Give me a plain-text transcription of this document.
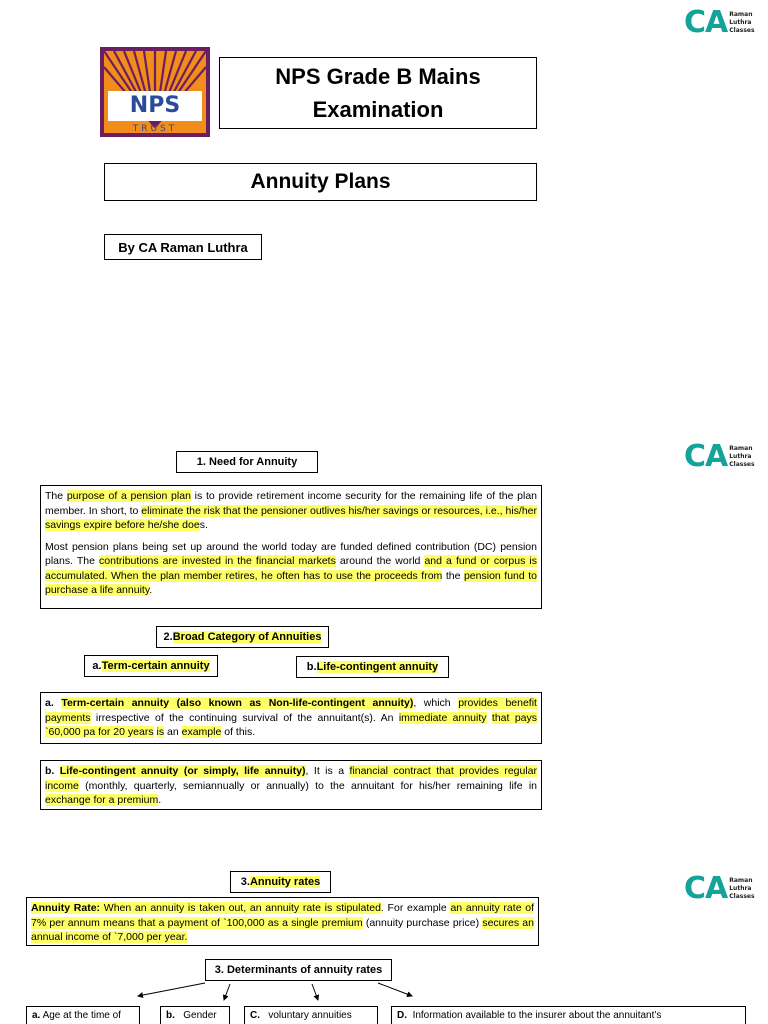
CA Raman
Luthra
Classes
NPS
TRUST
NPS Grade B Mains
Examination
Annuity Plans
By CA Raman Luthra
CA Raman
Luthra
Classes
1. Need for Annuity

The purpose of a pension plan is to provide retirement income security for the remaining life of the plan member. In short, to eliminate the risk that the pensioner outlives his/her savings or resources, i.e., his/her savings expire before he/she does.

Most pension plans being set up around the world today are funded defined contribution (DC) pension plans. The contributions are invested in the financial markets around the world and a fund or corpus is accumulated. When the plan member retires, he often has to use the proceeds from the pension fund to purchase a life annuity.

2. Broad Category of Annuities
a. Term-certain annuity	b. Life-contingent annuity
a. Term-certain annuity (also known as Non-life-contingent annuity), which provides benefit payments irrespective of the continuing survival of the annuitant(s). An immediate annuity that pays `60,000 pa for 20 years is an example of this.
b. Life-contingent annuity (or simply, life annuity), It is a financial contract that provides regular income (monthly, quarterly, semiannually or annually) to the annuitant for his/her remaining life in exchange for a premium.
CA Raman
Luthra
Classes
3. Annuity rates
Annuity Rate: When an annuity is taken out, an annuity rate is stipulated. For example an annuity rate of 7% per annum means that a payment of `100,000 as a single premium (annuity purchase price) secures an annual income of `7,000 per year.
3. Determinants of annuity rates
a. Age at the time of	b. Gender	C. voluntary annuities	D. Information available to the insurer about the annuitant’s
